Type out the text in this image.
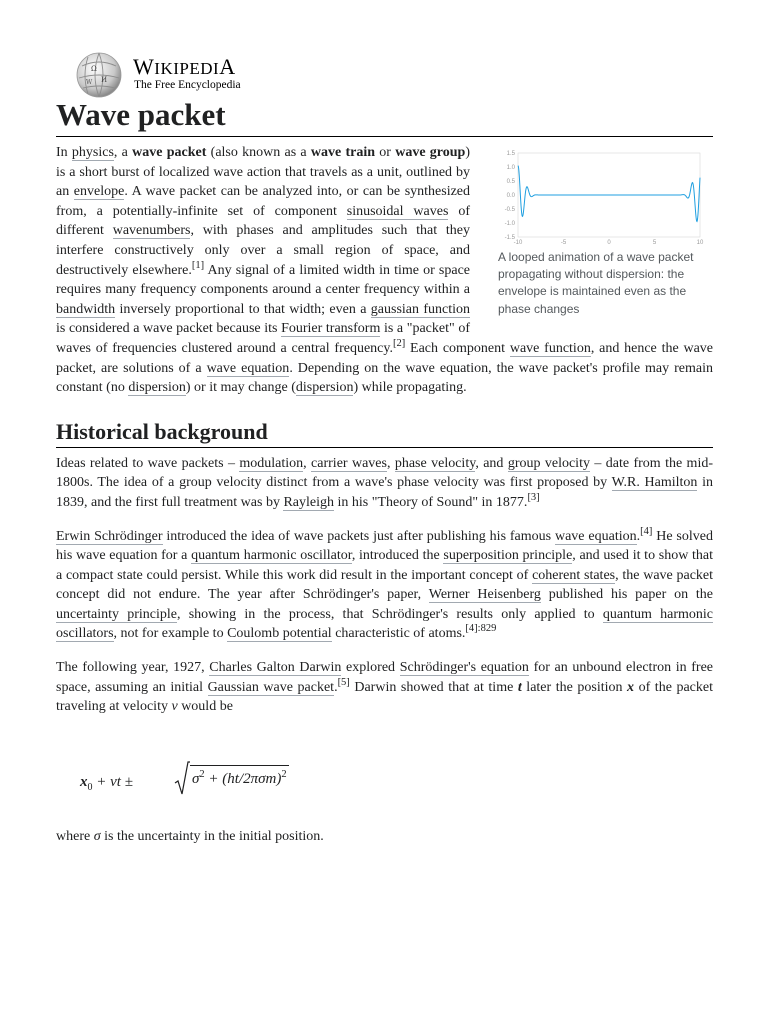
Ω
И
W
WIKIPEDIA
The Free Encyclopedia
Wave packet
1.5
1.0
0.5
0.0
-0.5
-1.0
-1.5
-10	-5	0	5	10
A looped animation of a wave packet propagating without dispersion: the envelope is maintained even as the phase changes

In physics, a wave packet (also known as a wave train or wave group) is a short burst of localized wave action that travels as a unit, outlined by an envelope. A wave packet can be analyzed into, or can be synthesized from, a potentially-infinite set of component sinusoidal waves of different wavenumbers, with phases and amplitudes such that they interfere constructively only over a small region of space, and destructively elsewhere.[1] Any signal of a limited width in time or space requires many frequency components around a center frequency within a bandwidth inversely proportional to that width; even a gaussian function is considered a wave packet because its Fourier transform is a "packet" of waves of frequencies clustered around a central frequency.[2] Each component wave function, and hence the wave packet, are solutions of a wave equation. Depending on the wave equation, the wave packet's profile may remain constant (no dispersion) or it may change (dispersion) while propagating.

Historical background

Ideas related to wave packets – modulation, carrier waves, phase velocity, and group velocity – date from the mid-1800s. The idea of a group velocity distinct from a wave's phase velocity was first proposed by W.R. Hamilton in 1839, and the first full treatment was by Rayleigh in his "Theory of Sound" in 1877.[3]

Erwin Schrödinger introduced the idea of wave packets just after publishing his famous wave equation.[4] He solved his wave equation for a quantum harmonic oscillator, introduced the superposition principle, and used it to show that a compact state could persist. While this work did result in the important concept of coherent states, the wave packet concept did not endure. The year after Schrödinger's paper, Werner Heisenberg published his paper on the uncertainty principle, showing in the process, that Schrödinger's results only applied to quantum harmonic oscillators, not for example to Coulomb potential characteristic of atoms.$^{[4]:829}$

The following year, 1927, Charles Galton Darwin explored Schrödinger's equation for an unbound electron in free space, assuming an initial Gaussian wave packet.[5] Darwin showed that at time t later the position x of the packet traveling at velocity v would be

$x_0$ + vt ±	$\sigma^2 + (ht/2\pi\sigma m)^2$

where σ is the uncertainty in the initial position.
